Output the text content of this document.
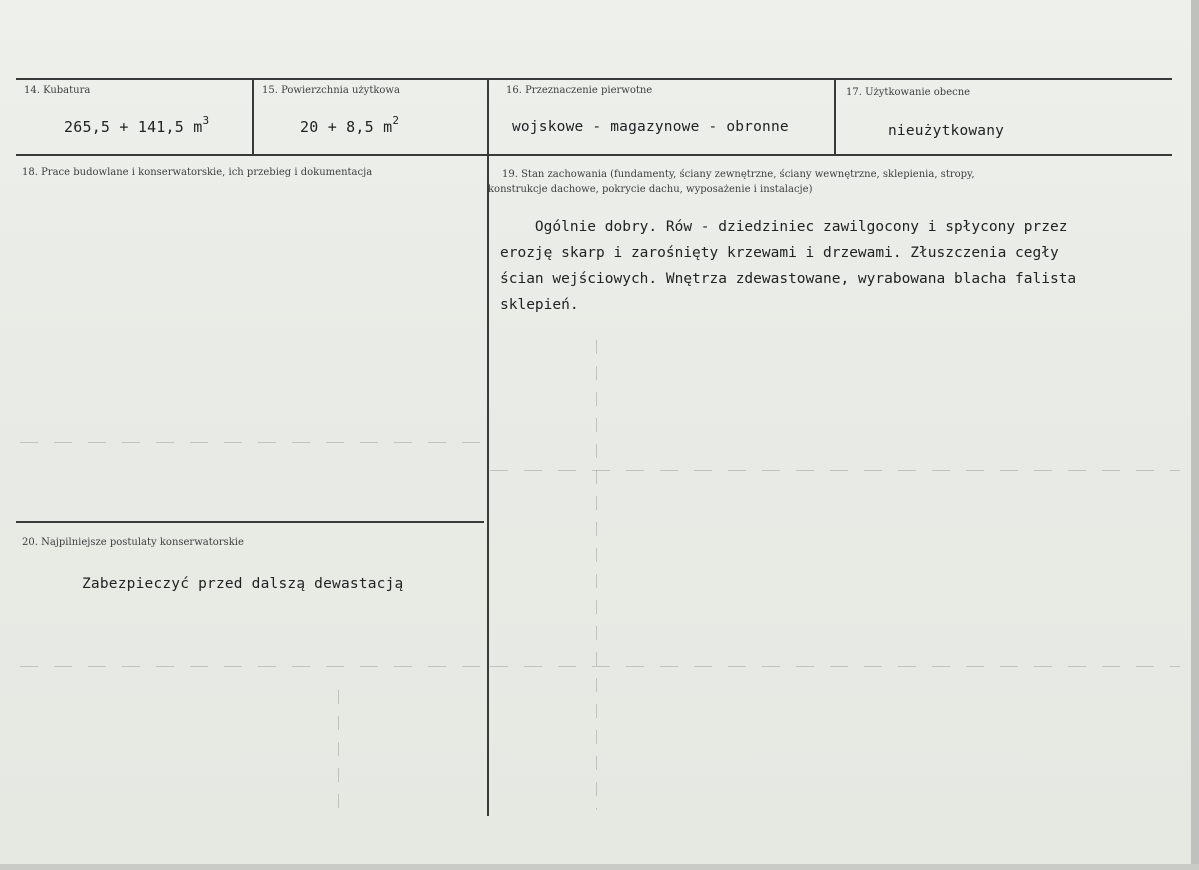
14. Kubatura
265,5 + 141,5 $m^3$
15. Powierzchnia użytkowa
20 + 8,5 $m^2$
16. Przeznaczenie pierwotne
wojskowe - magazynowe - obronne
17. Użytkowanie obecne
nieużytkowany
18. Prace budowlane i konserwatorskie, ich przebieg i dokumentacja	19. Stan zachowania (fundamenty, ściany zewnętrzne, ściany wewnętrzne, sklepienia, stropy,
konstrukcje dachowe, pokrycie dachu, wyposażenie i instalacje)
Ogólnie dobry. Rów - dziedziniec zawilgocony i spłycony przez
erozję skarp i zarośnięty krzewami i drzewami. Złuszczenia cegły
ścian wejściowych. Wnętrza zdewastowane, wyrabowana blacha falista
sklepień.
20. Najpilniejsze postulaty konserwatorskie
Zabezpieczyć przed dalszą dewastacją
